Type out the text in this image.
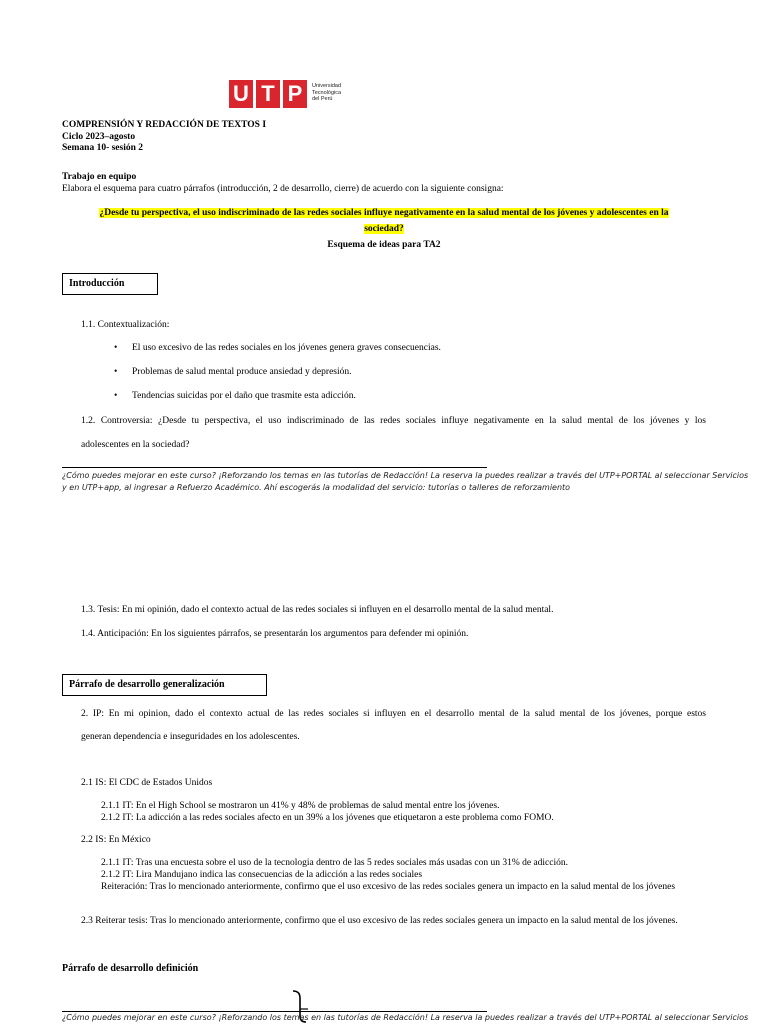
U T P	Universidad
Tecnológica
del Perú
COMPRENSIÓN Y REDACCIÓN DE TEXTOS I
Ciclo 2023–agosto
Semana 10- sesión 2
Trabajo en equipo
Elabora el esquema para cuatro párrafos (introducción, 2 de desarrollo, cierre) de acuerdo con la siguiente consigna:
¿Desde tu perspectiva, el uso indiscriminado de las redes sociales influye negativamente en la salud mental de los jóvenes y adolescentes en la
sociedad?
Esquema de ideas para TA2
Introducción
1.1. Contextualización:
El uso excesivo de las redes sociales en los jóvenes genera graves consecuencias.
Problemas de salud mental produce ansiedad y depresión.
Tendencias suicidas por el daño que trasmite esta adicción.
1.2. Controversia: ¿Desde tu perspectiva, el uso indiscriminado de las redes sociales influye negativamente en la salud mental de los jóvenes y los
adolescentes en la sociedad?
¿Cómo puedes mejorar en este curso? ¡Reforzando los temas en las tutorías de Redacción! La reserva la puedes realizar a través del UTP+PORTAL al seleccionar Servicios
y en UTP+app, al ingresar a Refuerzo Académico. Ahí escogerás la modalidad del servicio: tutorías o talleres de reforzamiento
1.3. Tesis: En mi opinión, dado el contexto actual de las redes sociales si influyen en el desarrollo mental de la salud mental.
1.4. Anticipación: En los siguientes párrafos, se presentarán los argumentos para defender mi opinión.
Párrafo de desarrollo generalización
2. IP: En mi opinion, dado el contexto actual de las redes sociales si influyen en el desarrollo mental de la salud mental de los jóvenes, porque estos
generan dependencia e inseguridades en los adolescentes.
2.1 IS: El CDC de Estados Unidos
2.1.1 IT: En el High School se mostraron un 41% y 48% de problemas de salud mental entre los jóvenes.
2.1.2 IT: La adicción a las redes sociales afecto en un 39% a los jóvenes que etiquetaron a este problema como FOMO.
2.2 IS: En México
2.1.1 IT: Tras una encuesta sobre el uso de la tecnologia dentro de las 5 redes sociales más usadas con un 31% de adicción.
2.1.2 IT: Lira Mandujano indica las consecuencias de la adicción a las redes sociales
Reiteración: Tras lo mencionado anteriormente, confirmo que el uso excesivo de las redes sociales genera un impacto en la salud mental de los jóvenes
2.3 Reiterar tesis: Tras lo mencionado anteriormente, confirmo que el uso excesivo de las redes sociales genera un impacto en la salud mental de los jóvenes.
Párrafo de desarrollo definición
¿Cómo puedes mejorar en este curso? ¡Reforzando los temas en las tutorías de Redacción! La reserva la puedes realizar a través del UTP+PORTAL al seleccionar Servicios
